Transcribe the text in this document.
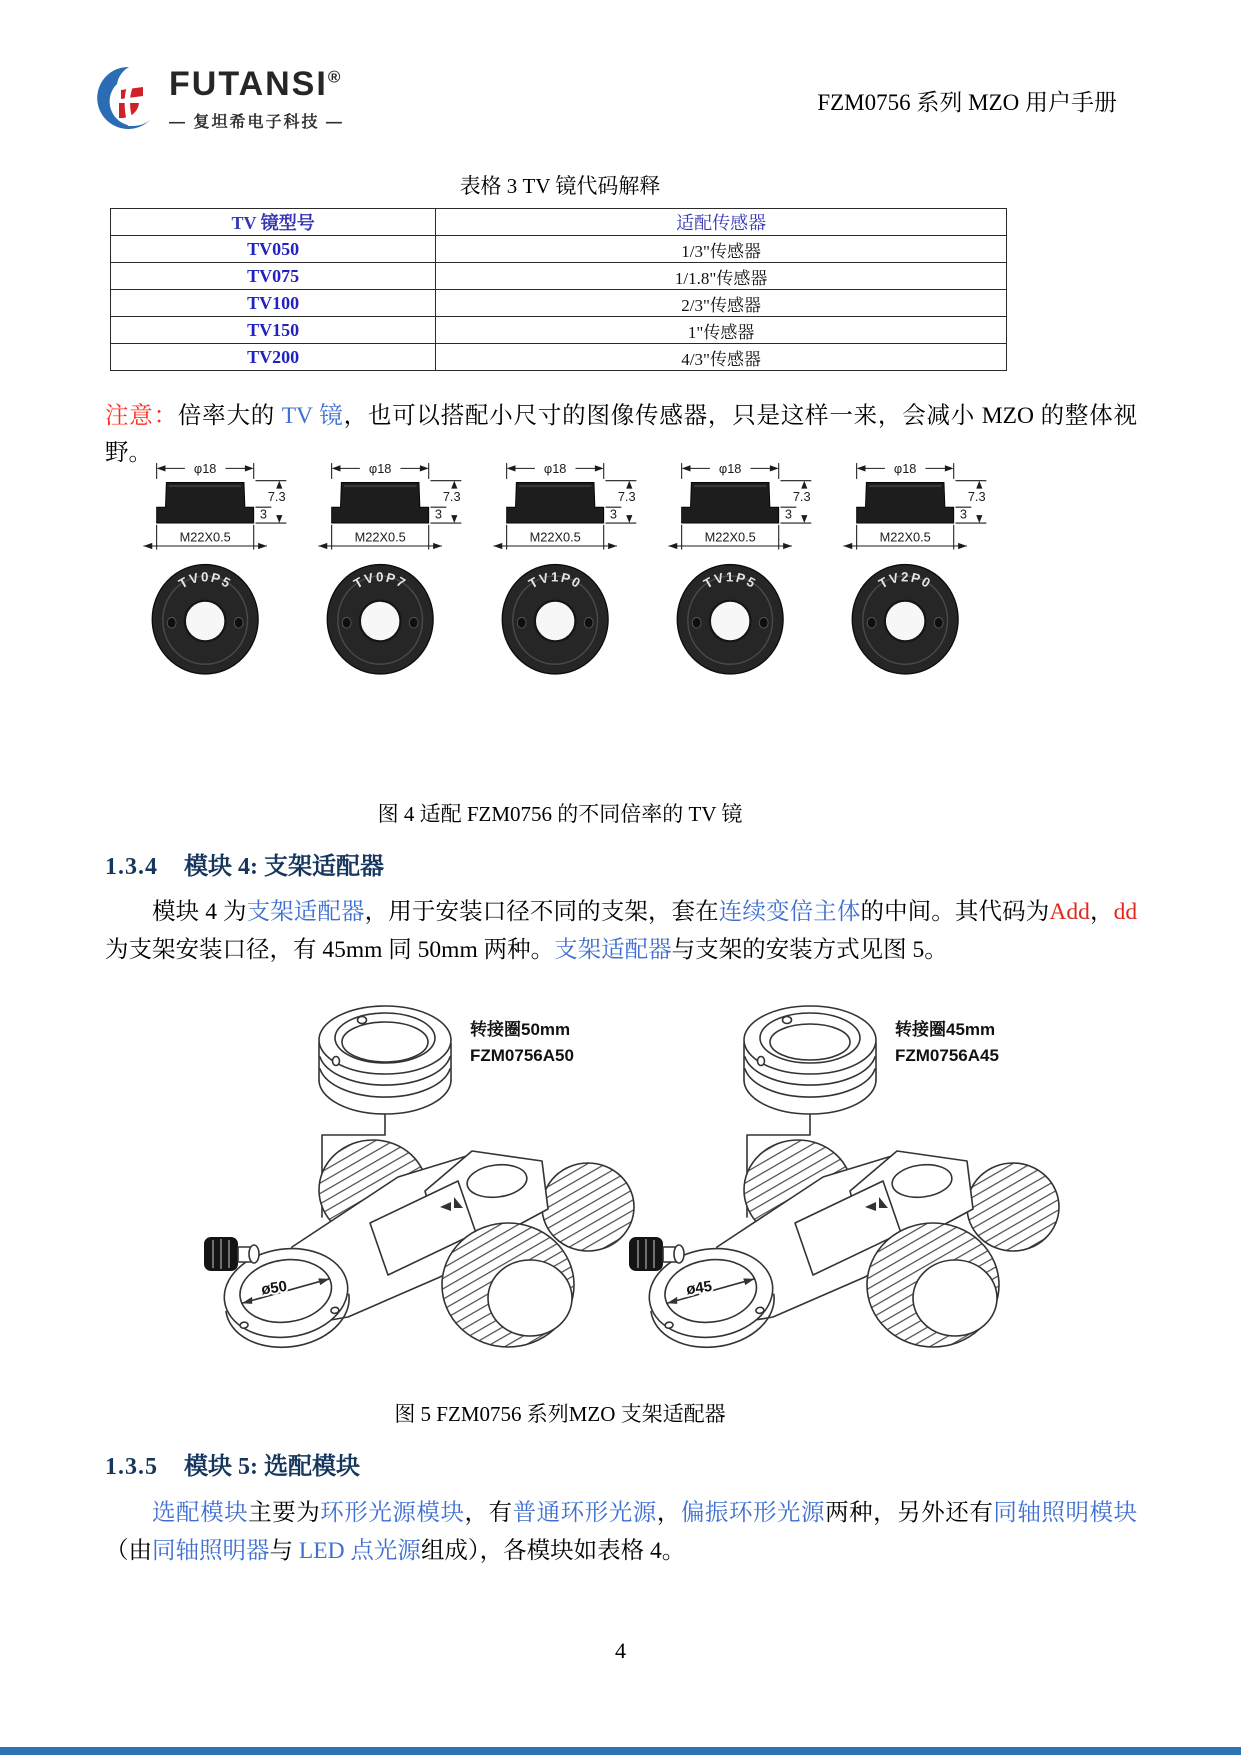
FUTANSI®
— 复坦希电子科技 —
FZM0756 系列 MZO 用户手册
表格 3 TV 镜代码解释
TV 镜型号	适配传感器
TV050	1/3"传感器
TV075	1/1.8"传感器
TV100	2/3"传感器
TV150	1"传感器
TV200	4/3"传感器
注意：倍率大的 TV 镜，也可以搭配小尺寸的图像传感器，只是这样一来，会减小 MZO 的整体视野。
φ18
7.3
3
M22X0.5
TV0P5
φ18
7.3
3
M22X0.5
TV0P7
φ18
7.3
3
M22X0.5
TV1P0
φ18
7.3
3
M22X0.5
TV1P5
φ18
7.3
3
M22X0.5
TV2P0
图 4 适配 FZM0756 的不同倍率的 TV 镜
1.3.4 模块 4: 支架适配器
模块 4 为支架适配器，用于安装口径不同的支架，套在连续变倍主体的中间。其代码为Add，dd 为支架安装口径，有 45mm 同 50mm 两种。支架适配器与支架的安装方式见图 5。
转接圈50mm
FZM0756A50
ø50
转接圈45mm
FZM0756A45
ø45
图 5 FZM0756 系列MZO 支架适配器
1.3.5 模块 5: 选配模块
选配模块主要为环形光源模块，有普通环形光源，偏振环形光源两种，另外还有同轴照明模块（由同轴照明器与 LED 点光源组成），各模块如表格 4。
4
